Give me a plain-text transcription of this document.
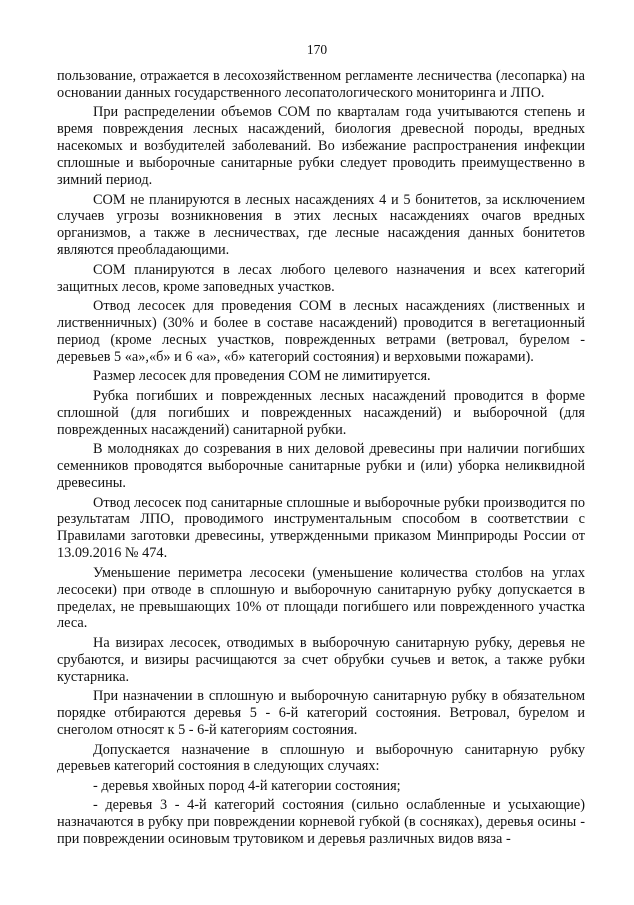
170

пользование, отражается в лесохозяйственном регламенте лесничества (лесопарка) на основании данных государственного лесопатологического мониторинга и ЛПО.

При распределении объемов СОМ по кварталам года учитываются степень и время повреждения лесных насаждений, биология древесной породы, вредных насекомых и возбудителей заболеваний. Во избежание распространения инфекции сплошные и выборочные санитарные рубки следует проводить преимущественно в зимний период.

СОМ не планируются в лесных насаждениях 4 и 5 бонитетов, за исключением случаев угрозы возникновения в этих лесных насаждениях очагов вредных организмов, а также в лесничествах, где лесные насаждения данных бонитетов являются преобладающими.

СОМ планируются в лесах любого целевого назначения и всех категорий защитных лесов, кроме заповедных участков.

Отвод лесосек для проведения СОМ в лесных насаждениях (лиственных и лиственничных) (30% и более в составе насаждений) проводится в вегетационный период (кроме лесных участков, поврежденных ветрами (ветровал, бурелом - деревьев 5 «а»,«б» и 6 «а», «б» категорий состояния) и верховыми пожарами).

Размер лесосек для проведения СОМ не лимитируется.

Рубка погибших и поврежденных лесных насаждений проводится в форме сплошной (для погибших и поврежденных насаждений) и выборочной (для поврежденных насаждений) санитарной рубки.

В молодняках до созревания в них деловой древесины при наличии погибших семенников проводятся выборочные санитарные рубки и (или) уборка неликвидной древесины.

Отвод лесосек под санитарные сплошные и выборочные рубки производится по результатам ЛПО, проводимого инструментальным способом в соответствии с Правилами заготовки древесины, утвержденными приказом Минприроды России от 13.09.2016 № 474.

Уменьшение периметра лесосеки (уменьшение количества столбов на углах лесосеки) при отводе в сплошную и выборочную санитарную рубку допускается в пределах, не превышающих 10% от площади погибшего или поврежденного участка леса.

На визирах лесосек, отводимых в выборочную санитарную рубку, деревья не срубаются, и визиры расчищаются за счет обрубки сучьев и веток, а также рубки кустарника.

При назначении в сплошную и выборочную санитарную рубку в обязательном порядке отбираются деревья 5 - 6-й категорий состояния. Ветровал, бурелом и снеголом относят к 5 - 6-й категориям состояния.

Допускается назначение в сплошную и выборочную санитарную рубку деревьев категорий состояния в следующих случаях:

- деревья хвойных пород 4-й категории состояния;

- деревья 3 - 4-й категорий состояния (сильно ослабленные и усыхающие) назначаются в рубку при повреждении корневой губкой (в сосняках), деревья осины - при повреждении осиновым трутовиком и деревья различных видов вяза -
